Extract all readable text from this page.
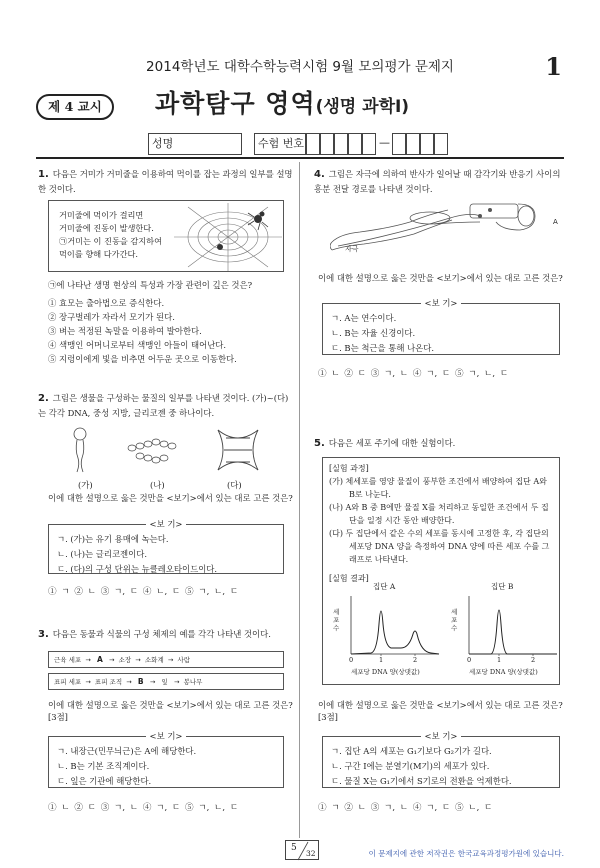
2014학년도 대학수학능력시험 9월 모의평가 문제지	1
제 4 교시	과학탐구 영역(생명 과학Ⅰ)
성명	수험 번호	—
1. 다음은 거미가 거미줄을 이용하여 먹이를 잡는 과정의 일부를 설명한 것이다.
거미줄에 먹이가 걸리면
거미줄에 진동이 발생한다.
㉠거미는 이 진동을 감지하여
먹이를 향해 다가간다.
㉠에 나타난 생명 현상의 특성과 가장 관련이 깊은 것은?
① 효모는 출아법으로 증식한다.
② 장구벌레가 자라서 모기가 된다.
③ 벼는 적정된 녹말을 이용하여 발아한다.
④ 색맹인 어머니로부터 색맹인 아들이 태어난다.
⑤ 지렁이에게 빛을 비추면 어두운 곳으로 이동한다.
2. 그림은 생물을 구성하는 물질의 일부를 나타낸 것이다. (가)~(다)는 각각 DNA, 중성 지방, 글리코젠 중 하나이다.
(가)	(나)	(다)
이에 대한 설명으로 옳은 것만을 <보기>에서 있는 대로 고른 것은?
<보 기>
ㄱ. (가)는 유기 용매에 녹는다.
ㄴ. (나)는 글리코젠이다.
ㄷ. (다)의 구성 단위는 뉴클레오타이드이다.
① ㄱ ② ㄴ ③ ㄱ, ㄷ ④ ㄴ, ㄷ ⑤ ㄱ, ㄴ, ㄷ
3. 다음은 동물과 식물의 구성 체제의 예를 각각 나타낸 것이다.
근육 세포 → A → 소장 → 소화계 → 사람
표피 세포 → 표피 조직 → B → 잎 → 봉나무
이에 대한 설명으로 옳은 것만을 <보기>에서 있는 대로 고른 것은? [3점]
<보 기>
ㄱ. 내장근(민무늬근)은 A에 해당한다.
ㄴ. B는 기본 조직계이다.
ㄷ. 잎은 기관에 해당한다.
① ㄴ ② ㄷ ③ ㄱ, ㄴ ④ ㄱ, ㄷ ⑤ ㄱ, ㄴ, ㄷ
4. 그림은 자극에 의하여 반사가 일어날 때 감각기와 반응기 사이의 흥분 전달 경로를 나타낸 것이다.
A
자극
이에 대한 설명으로 옳은 것만을 <보기>에서 있는 대로 고른 것은?
<보 기>
ㄱ. A는 연수이다.
ㄴ. B는 자율 신경이다.
ㄷ. B는 척근을 통해 나온다.
① ㄴ ② ㄷ ③ ㄱ, ㄴ ④ ㄱ, ㄷ ⑤ ㄱ, ㄴ, ㄷ
5. 다음은 세포 주기에 대한 실험이다.
[실험 과정]
(가) 체세포를 영양 물질이 풍부한 조건에서 배양하여 집단 A와 B로 나눈다.
(나) A와 B 중 B에만 물질 X를 처리하고 동일한 조건에서 두 집단을 일정 시간 동안 배양한다.
(다) 두 집단에서 같은 수의 세포를 동시에 고정한 후, 각 집단의 세포당 DNA 양을 측정하여 DNA 양에 따른 세포 수를 그래프로 나타낸다.
[실험 결과]
집단 A	집단 B
세포 수
세포 수
0	1	2	0	1	2
세포당 DNA 양(상댓값)	세포당 DNA 양(상댓값)
이에 대한 설명으로 옳은 것만을 <보기>에서 있는 대로 고른 것은? [3점]
<보 기>
ㄱ. 집단 A의 세포는 G₁기보다 G₂기가 길다.
ㄴ. 구간 Ⅰ에는 분열기(M기)의 세포가 있다.
ㄷ. 물질 X는 G₁기에서 S기로의 전환을 억제한다.
① ㄱ ② ㄴ ③ ㄱ, ㄴ ④ ㄱ, ㄷ ⑤ ㄴ, ㄷ
5
32	이 문제지에 관한 저작권은 한국교육과정평가원에 있습니다.
